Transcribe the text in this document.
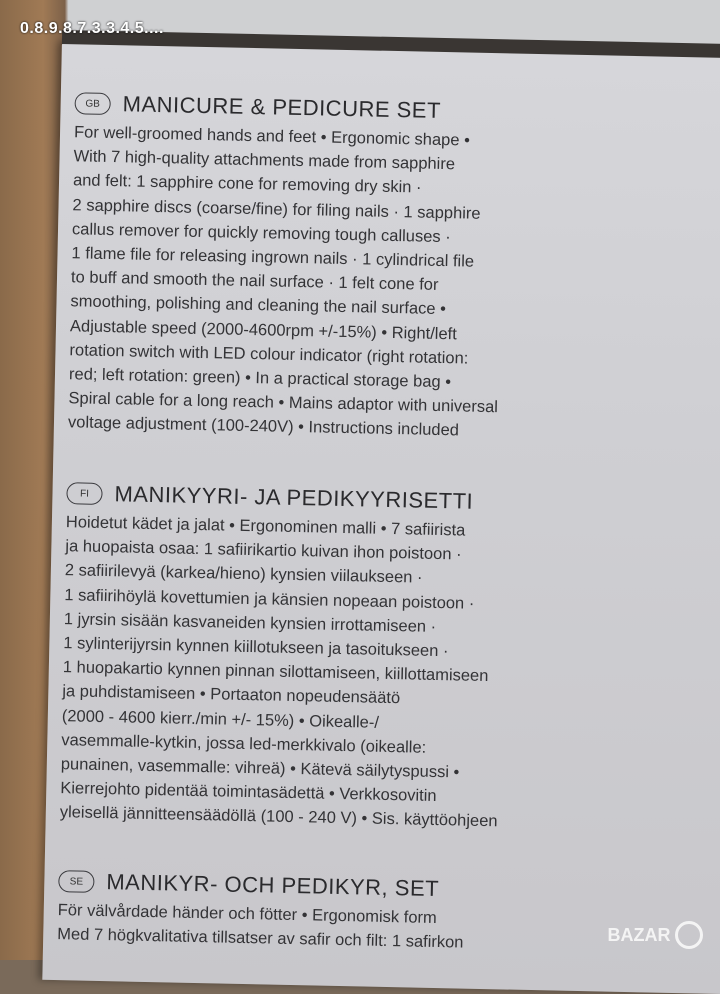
GB	MANICURE & PEDICURE SET
For well-groomed hands and feet • Ergonomic shape •
With 7 high-quality attachments made from sapphire
and felt: 1 sapphire cone for removing dry skin ·
2 sapphire discs (coarse/fine) for filing nails · 1 sapphire
callus remover for quickly removing tough calluses ·
1 flame file for releasing ingrown nails · 1 cylindrical file
to buff and smooth the nail surface · 1 felt cone for
smoothing, polishing and cleaning the nail surface •
Adjustable speed (2000-4600rpm +/-15%) • Right/left
rotation switch with LED colour indicator (right rotation:
red; left rotation: green) • In a practical storage bag •
Spiral cable for a long reach • Mains adaptor with universal
voltage adjustment (100-240V) • Instructions included
FI	MANIKYYRI- JA PEDIKYYRISETTI
Hoidetut kädet ja jalat • Ergonominen malli • 7 safiirista
ja huopaista osaa: 1 safiirikartio kuivan ihon poistoon ·
2 safiirilevyä (karkea/hieno) kynsien viilaukseen ·
1 safiirihöylä kovettumien ja känsien nopeaan poistoon ·
1 jyrsin sisään kasvaneiden kynsien irrottamiseen ·
1 sylinterijyrsin kynnen kiillotukseen ja tasoitukseen ·
1 huopakartio kynnen pinnan silottamiseen, kiillottamiseen
ja puhdistamiseen • Portaaton nopeudensäätö
(2000 - 4600 kierr./min +/- 15%) • Oikealle-/
vasemmalle-kytkin, jossa led-merkkivalo (oikealle:
punainen, vasemmalle: vihreä) • Kätevä säilytyspussi •
Kierrejohto pidentää toimintasädettä • Verkkosovitin
yleisellä jännitteensäädöllä (100 - 240 V) • Sis. käyttöohjeen
SE	MANIKYR- OCH PEDIKYR, SET
För välvårdade händer och fötter • Ergonomisk form
Med 7 högkvalitativa tillsatser av safir och filt: 1 safirkon
0.8.9.8.7.3.3.4.5....
BAZAR
